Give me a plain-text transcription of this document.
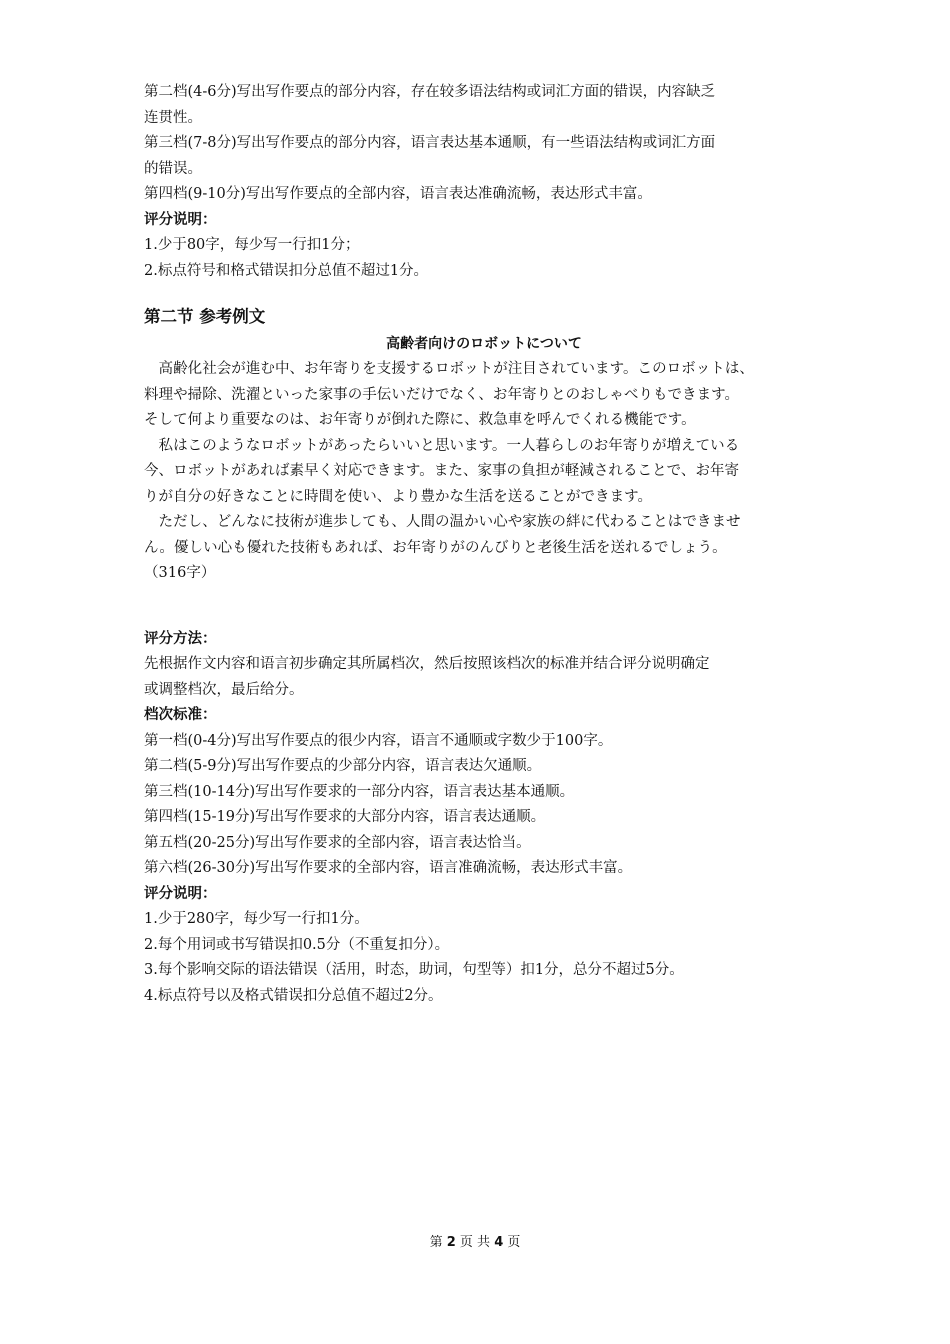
第二档(4-6分)写出写作要点的部分内容，存在较多语法结构或词汇方面的错误，内容缺乏
连贯性。
第三档(7-8分)写出写作要点的部分内容，语言表达基本通顺，有一些语法结构或词汇方面
的错误。
第四档(9-10分)写出写作要点的全部内容，语言表达准确流畅，表达形式丰富。
评分说明：
1.少于80字，每少写一行扣1分；
2.标点符号和格式错误扣分总值不超过1分。
第二节 参考例文
高齢者向けのロボットについて
　高齢化社会が進む中、お年寄りを支援するロボットが注目されています。このロボットは、
料理や掃除、洗濯といった家事の手伝いだけでなく、お年寄りとのおしゃべりもできます。
そして何より重要なのは、お年寄りが倒れた際に、救急車を呼んでくれる機能です。
　私はこのようなロボットがあったらいいと思います。一人暮らしのお年寄りが増えている
今、ロボットがあれば素早く対応できます。また、家事の負担が軽減されることで、お年寄
りが自分の好きなことに時間を使い、より豊かな生活を送ることができます。
　ただし、どんなに技術が進歩しても、人間の温かい心や家族の絆に代わることはできませ
ん。優しい心も優れた技術もあれば、お年寄りがのんびりと老後生活を送れるでしょう。
（316字）
评分方法：
先根据作文内容和语言初步确定其所属档次，然后按照该档次的标准并结合评分说明确定
或调整档次，最后给分。
档次标准：
第一档(0-4分)写出写作要点的很少内容，语言不通顺或字数少于100字。
第二档(5-9分)写出写作要点的少部分内容，语言表达欠通顺。
第三档(10-14分)写出写作要求的一部分内容，语言表达基本通顺。
第四档(15-19分)写出写作要求的大部分内容，语言表达通顺。
第五档(20-25分)写出写作要求的全部内容，语言表达恰当。
第六档(26-30分)写出写作要求的全部内容，语言准确流畅，表达形式丰富。
评分说明：
1.少于280字，每少写一行扣1分。
2.每个用词或书写错误扣0.5分（不重复扣分）。
3.每个影响交际的语法错误（活用，时态，助词，句型等）扣1分，总分不超过5分。
4.标点符号以及格式错误扣分总值不超过2分。
第 2 页 共 4 页
